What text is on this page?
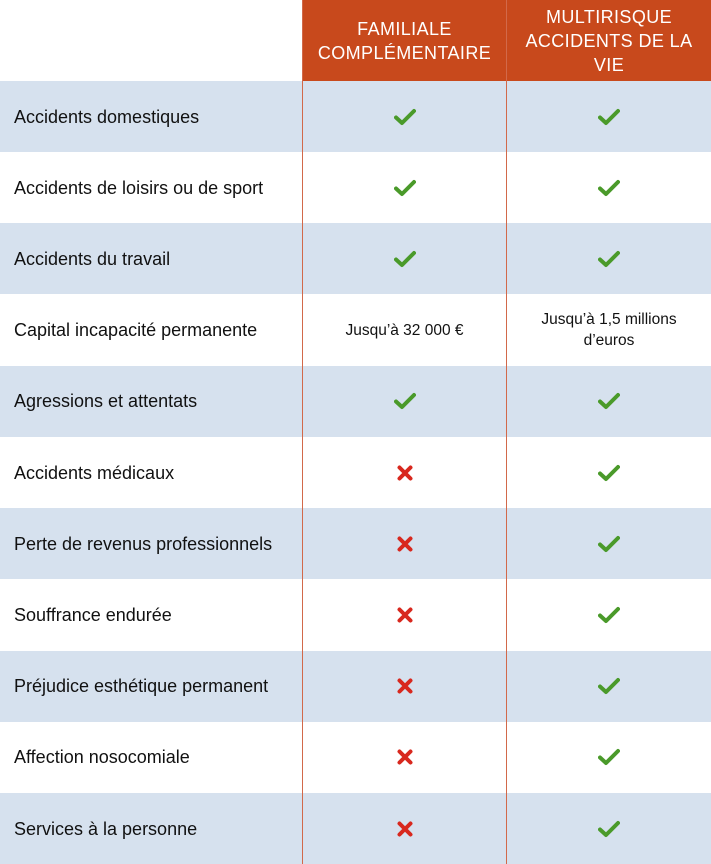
FAMILIALE COMPLÉMENTAIRE
MULTIRISQUE ACCIDENTS DE LA VIE
Accidents domestiques
Accidents de loisirs ou de sport
Accidents du travail
Capital incapacité permanente	Jusqu’à 32 000 €
Jusqu’à 1,5 millions d’euros
Agressions et attentats
Accidents médicaux
Perte de revenus professionnels
Souffrance endurée
Préjudice esthétique permanent
Affection nosocomiale
Services à la personne
